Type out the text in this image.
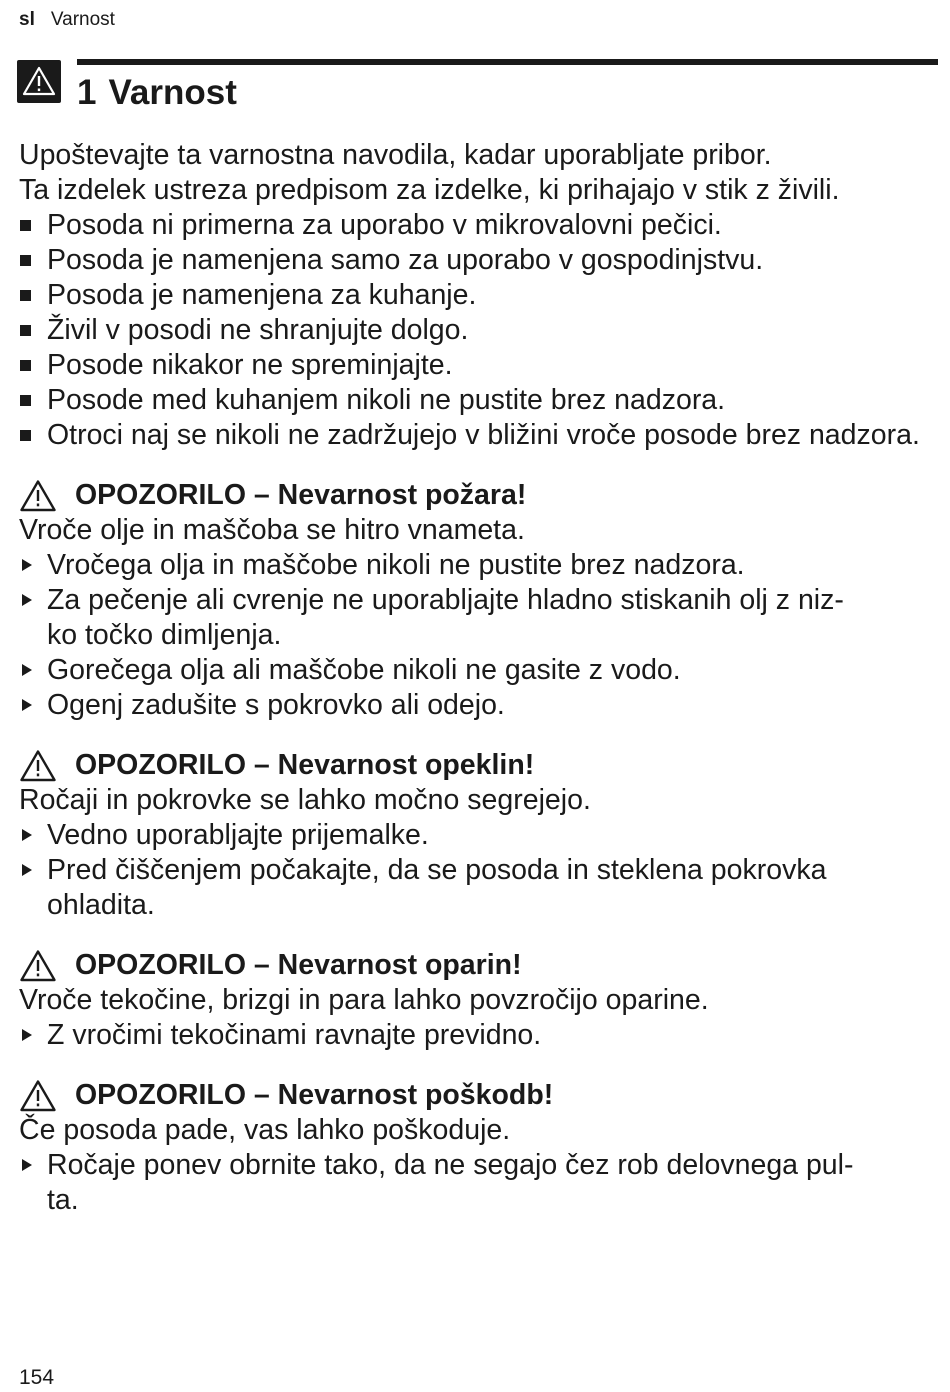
sl Varnost
1 Varnost

Upoštevajte ta varnostna navodila, kadar uporabljate pribor.

Ta izdelek ustreza predpisom za izdelke, ki prihajajo v stik z živili.

Posoda ni primerna za uporabo v mikrovalovni pečici.
Posoda je namenjena samo za uporabo v gospodinjstvu.
Posoda je namenjena za kuhanje.
Živil v posodi ne shranjujte dolgo.
Posode nikakor ne spreminjajte.
Posode med kuhanjem nikoli ne pustite brez nadzora.
Otroci naj se nikoli ne zadržujejo v bližini vroče posode brez nadzora.
OPOZORILO – Nevarnost požara!

Vroče olje in maščoba se hitro vnameta.

Vročega olja in maščobe nikoli ne pustite brez nadzora.
Za pečenje ali cvrenje ne uporabljajte hladno stiskanih olj z niz-
ko točko dimljenja.
Gorečega olja ali maščobe nikoli ne gasite z vodo.
Ogenj zadušite s pokrovko ali odejo.
OPOZORILO – Nevarnost opeklin!

Ročaji in pokrovke se lahko močno segrejejo.

Vedno uporabljajte prijemalke.
Pred čiščenjem počakajte, da se posoda in steklena pokrovka ohladita.
OPOZORILO – Nevarnost oparin!

Vroče tekočine, brizgi in para lahko povzročijo oparine.

Z vročimi tekočinami ravnajte previdno.
OPOZORILO – Nevarnost poškodb!

Če posoda pade, vas lahko poškoduje.

Ročaje ponev obrnite tako, da ne segajo čez rob delovnega pul-
ta.
154
